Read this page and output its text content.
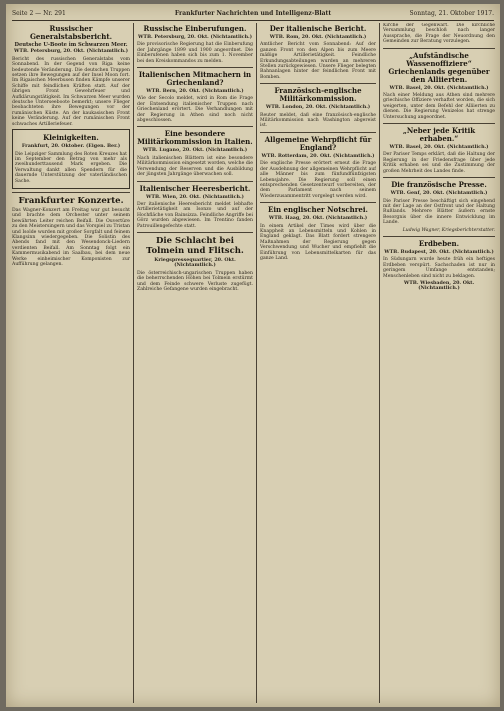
Seite 2 — Nr. 291	Frankfurter Nachrichten und Intelligenz-Blatt	Sonntag, 21. Oktober 1917.
Russischer Generalstabsbericht.
Deutsche U-Boote im Schwarzen Meer.
WTB. Petersburg, 20. Okt. (Nichtamtlich.)

Bericht des russischen Generalstabs vom Sonnabend. In der Gegend von Riga keine bedeutende Veränderung. Die deutschen Truppen setzen ihre Bewegungen auf der Insel Moon fort. Im Rigaischen Meerbusen finden Kämpfe unserer Schiffe mit feindlichen Kräften statt. Auf der übrigen Front Gewehrfeuer und Aufklärungstätigkeit. Im Schwarzen Meer wurden deutsche Unterseeboote bemerkt; unsere Flieger beobachteten ihre Bewegungen vor der rumänischen Küste. An der kaukasischen Front keine Veränderung. Auf der rumänischen Front schwaches Artilleriefeuer.

Kleinigkeiten.
Frankfurt, 20. Oktober. (Eigen. Ber.)

Die Leipziger Sammlung des Roten Kreuzes hat im September den Betrag von mehr als zweihunderttausend Mark ergeben. Die Verwaltung dankt allen Spendern für die dauernde Unterstützung der vaterländischen Sache.

Frankfurter Konzerte.

Das Wagner-Konzert am Freitag war gut besucht und brachte dem Orchester unter seinem bewährten Leiter reichen Beifall. Die Ouvertüre zu den Meistersingern und das Vorspiel zu Tristan und Isolde wurden mit großer Sorgfalt und feinem Klangsinn wiedergegeben. Die Solistin des Abends fand mit den Wesendonck-Liedern verdienten Beifall. Am Sonntag folgt ein Kammermusikabend im Saalbau, bei dem neue Werke einheimischer Komponisten zur Aufführung gelangen.

Russische Einberufungen.
WTB. Petersburg, 20. Okt. (Nichtamtlich.)

Die provisorische Regierung hat die Einberufung der Jahrgänge 1899 und 1900 angeordnet. Die Einberufenen haben sich bis zum 1. November bei den Kreiskommandos zu melden.

Italienischen Mitmachern in Griechenland?
WTB. Bern, 20. Okt. (Nichtamtlich.)

Wie der Secolo meldet, wird in Rom die Frage der Entsendung italienischer Truppen nach Griechenland erörtert. Die Verhandlungen mit der Regierung in Athen sind noch nicht abgeschlossen.

Eine besondere Militärkommission in Italien.
WTB. Lugano, 20. Okt. (Nichtamtlich.)

Nach italienischen Blättern ist eine besondere Militärkommission eingesetzt worden, welche die Verwendung der Reserven und die Ausbildung der jüngsten Jahrgänge überwachen soll.

Italienischer Heeresbericht.
WTB. Wien, 20. Okt. (Nichtamtlich.)

Der italienische Heeresbericht meldet lebhafte Artillerietätigkeit am Isonzo und auf der Hochfläche von Bainsizza. Feindliche Angriffe bei Görz wurden abgewiesen. Im Trentino fanden Patrouillengefechte statt.

Die Schlacht bei Tolmein und Flitsch.
Kriegspressequartier, 20. Okt. (Nichtamtlich.)

Die österreichisch-ungarischen Truppen haben die beherrschenden Höhen bei Tolmein erstürmt und dem Feinde schwere Verluste zugefügt. Zahlreiche Gefangene wurden eingebracht.

Der italienische Bericht.
WTB. Rom, 20. Okt. (Nichtamtlich.)

Amtlicher Bericht vom Sonnabend: Auf der ganzen Front von den Alpen bis zum Meere mäßige Artillerietätigkeit. Feindliche Erkundungsabteilungen wurden an mehreren Stellen zurückgewiesen. Unsere Flieger belegten Bahnanlagen hinter der feindlichen Front mit Bomben.

Französisch-englische Militärkommission.
WTB. London, 20. Okt. (Nichtamtlich.)

Reuter meldet, daß eine französisch-englische Militärkommission nach Washington abgereist ist.

Allgemeine Wehrpflicht für England?
WTB. Rotterdam, 20. Okt. (Nichtamtlich.)

Die englische Presse erörtert erneut die Frage der Ausdehnung der allgemeinen Wehrpflicht auf alle Männer bis zum fünfundfünfzigsten Lebensjahre. Die Regierung soll einen entsprechenden Gesetzentwurf vorbereiten, der dem Parlament nach seinem Wiederzusammentritt vorgelegt werden wird.

Ein englischer Notschrei.
WTB. Haag, 20. Okt. (Nichtamtlich.)

In einem Artikel der Times wird über die Knappheit an Lebensmitteln und Kohlen in England geklagt. Das Blatt fordert strengere Maßnahmen der Regierung gegen Verschwendung und Wucher und empfiehlt die Einführung von Lebensmittelkarten für das ganze Land.

Kirche der Gegenwart. Die kirchliche Versammlung beschloß nach langer Aussprache, die Frage der Neuordnung den Gemeinden zur Beratung vorzulegen.

„Aufständische Wassenoffiziere“ Griechenlands gegenüber den Alliierten.
WTB. Basel, 20. Okt. (Nichtamtlich.)

Nach einer Meldung aus Athen sind mehrere griechische Offiziere verhaftet worden, die sich weigerten, unter dem Befehl der Alliierten zu dienen. Die Regierung Venizelos hat strenge Untersuchung angeordnet.

„Neber jede Kritik erhaben.“
WTB. Basel, 20. Okt. (Nichtamtlich.)

Der Pariser Temps erklärt, daß die Haltung der Regierung in der Friedensfrage über jede Kritik erhaben sei und die Zustimmung der großen Mehrheit des Landes finde.

Die französische Presse.
WTB. Genf, 20. Okt. (Nichtamtlich.)

Die Pariser Presse beschäftigt sich eingehend mit der Lage an der Ostfront und der Haltung Rußlands. Mehrere Blätter äußern ernste Besorgnis über die innere Entwicklung im Lande.

Ludwig Wagner, Kriegsberichterstatter.
Erdbeben.
WTB. Budapest, 20. Okt. (Nichtamtlich.)

In Südungarn wurde heute früh ein heftiges Erdbeben verspürt. Sachschaden ist nur in geringem Umfange entstanden; Menschenleben sind nicht zu beklagen.

WTB. Wiesbaden, 20. Okt. (Nichtamtlich.)
